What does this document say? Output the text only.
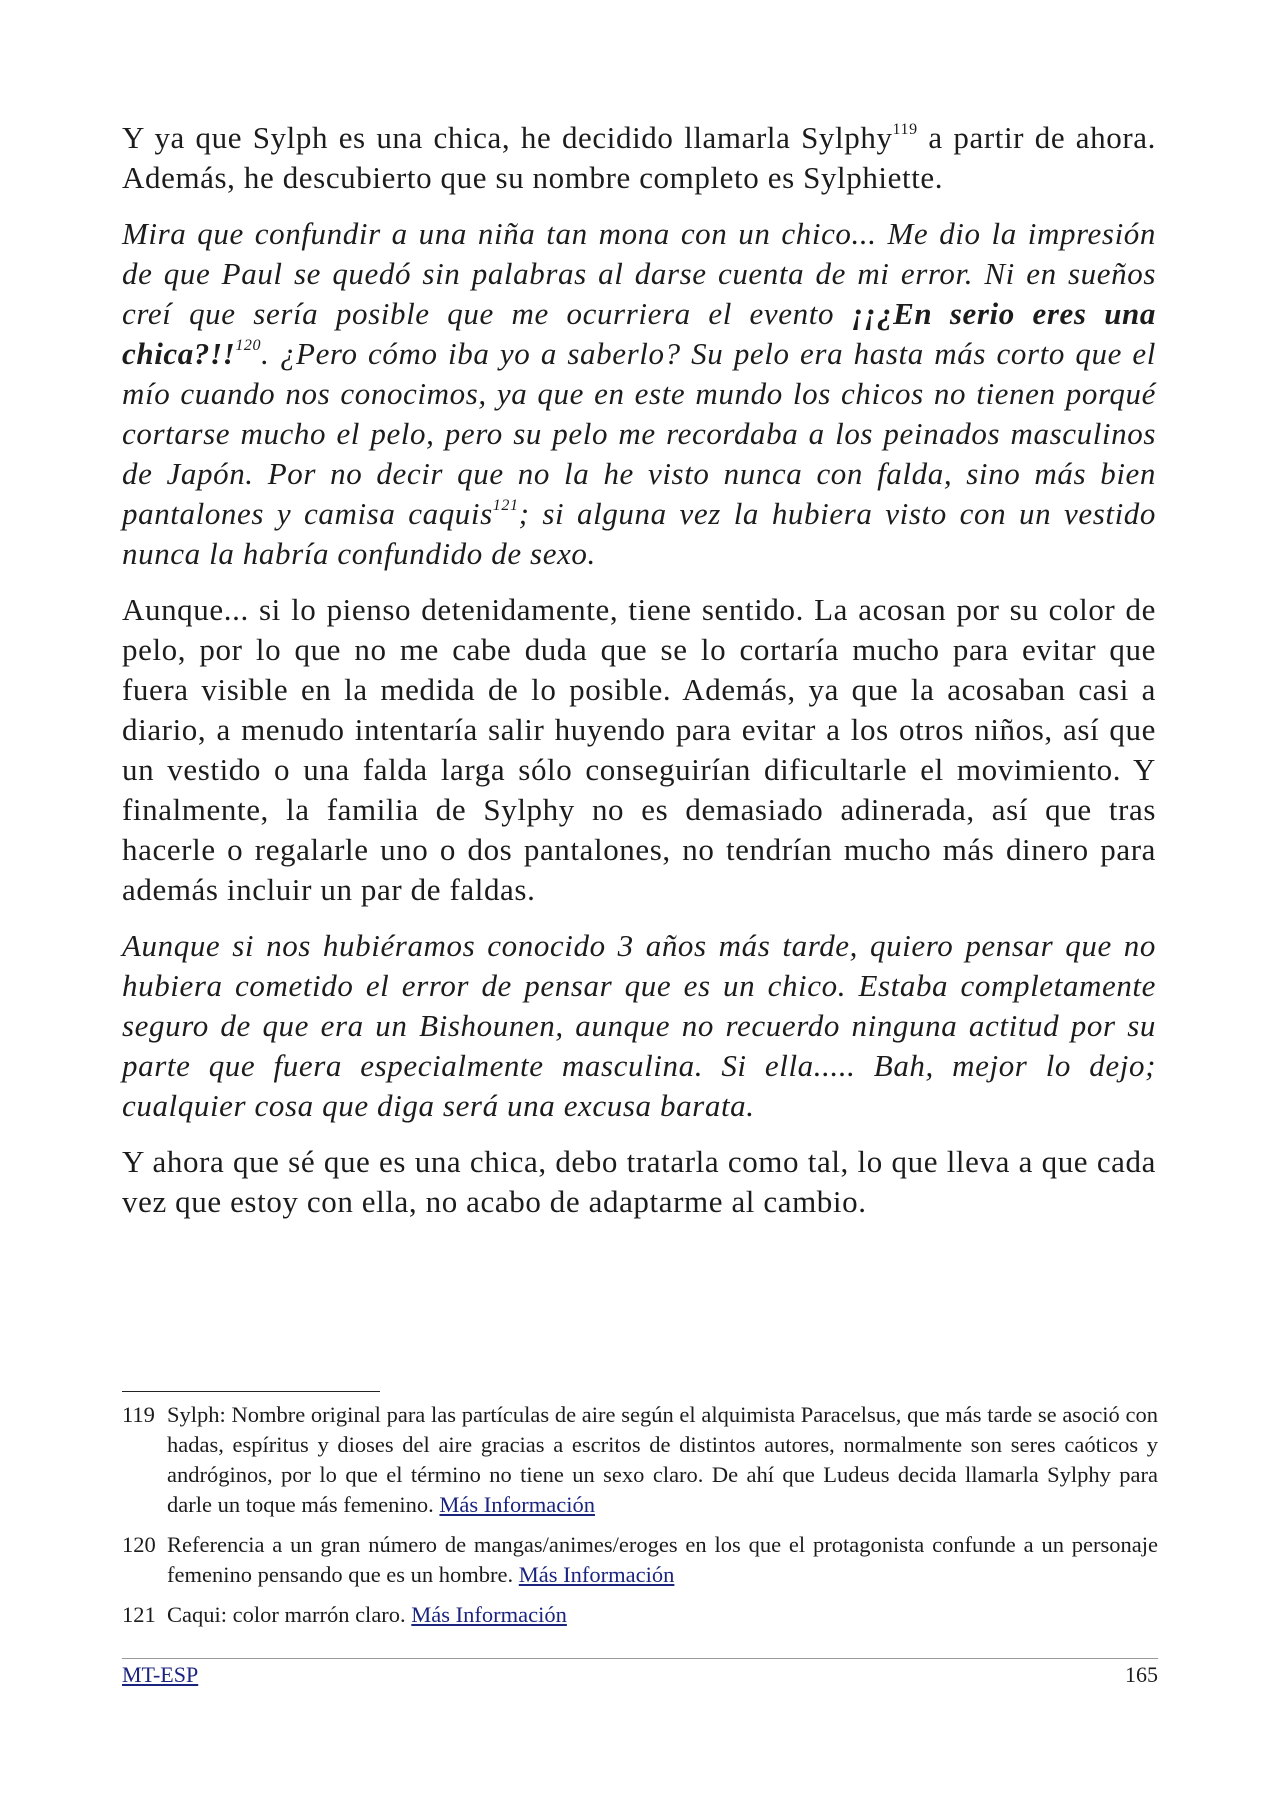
Y ya que Sylph es una chica, he decidido llamarla Sylphy$^{119}$ a partir de ahora. Además, he descubierto que su nombre completo es Sylphiette.

Mira que confundir a una niña tan mona con un chico... Me dio la impresión de que Paul se quedó sin palabras al darse cuenta de mi error. Ni en sueños creí que sería posible que me ocurriera el evento ¡¡¿En serio eres una chica?!!$^{120}$. ¿Pero cómo iba yo a saberlo? Su pelo era hasta más corto que el mío cuando nos conocimos, ya que en este mundo los chicos no tienen porqué cortarse mucho el pelo, pero su pelo me recordaba a los peinados masculinos de Japón. Por no decir que no la he visto nunca con falda, sino más bien pantalones y camisa caquis$^{121}$; si alguna vez la hubiera visto con un vestido nunca la habría confundido de sexo.

Aunque... si lo pienso detenidamente, tiene sentido. La acosan por su color de pelo, por lo que no me cabe duda que se lo cortaría mucho para evitar que fuera visible en la medida de lo posible. Además, ya que la acosaban casi a diario, a menudo intentaría salir huyendo para evitar a los otros niños, así que un vestido o una falda larga sólo conseguirían dificultarle el movimiento. Y finalmente, la familia de Sylphy no es demasiado adinerada, así que tras hacerle o regalarle uno o dos pantalones, no tendrían mucho más dinero para además incluir un par de faldas.

Aunque si nos hubiéramos conocido 3 años más tarde, quiero pensar que no hubiera cometido el error de pensar que es un chico. Estaba completamente seguro de que era un Bishounen, aunque no recuerdo ninguna actitud por su parte que fuera especialmente masculina. Si ella..... Bah, mejor lo dejo; cualquier cosa que diga será una excusa barata.

Y ahora que sé que es una chica, debo tratarla como tal, lo que lleva a que cada vez que estoy con ella, no acabo de adaptarme al cambio.

119 Sylph: Nombre original para las partículas de aire según el alquimista Paracelsus, que más tarde se asoció con hadas, espíritus y dioses del aire gracias a escritos de distintos autores, normalmente son seres caóticos y andróginos, por lo que el término no tiene un sexo claro. De ahí que Ludeus decida llamarla Sylphy para darle un toque más femenino. Más Información
120 Referencia a un gran número de mangas/animes/eroges en los que el protagonista confunde a un personaje femenino pensando que es un hombre. Más Información
121 Caqui: color marrón claro. Más Información
MT-ESP	165
